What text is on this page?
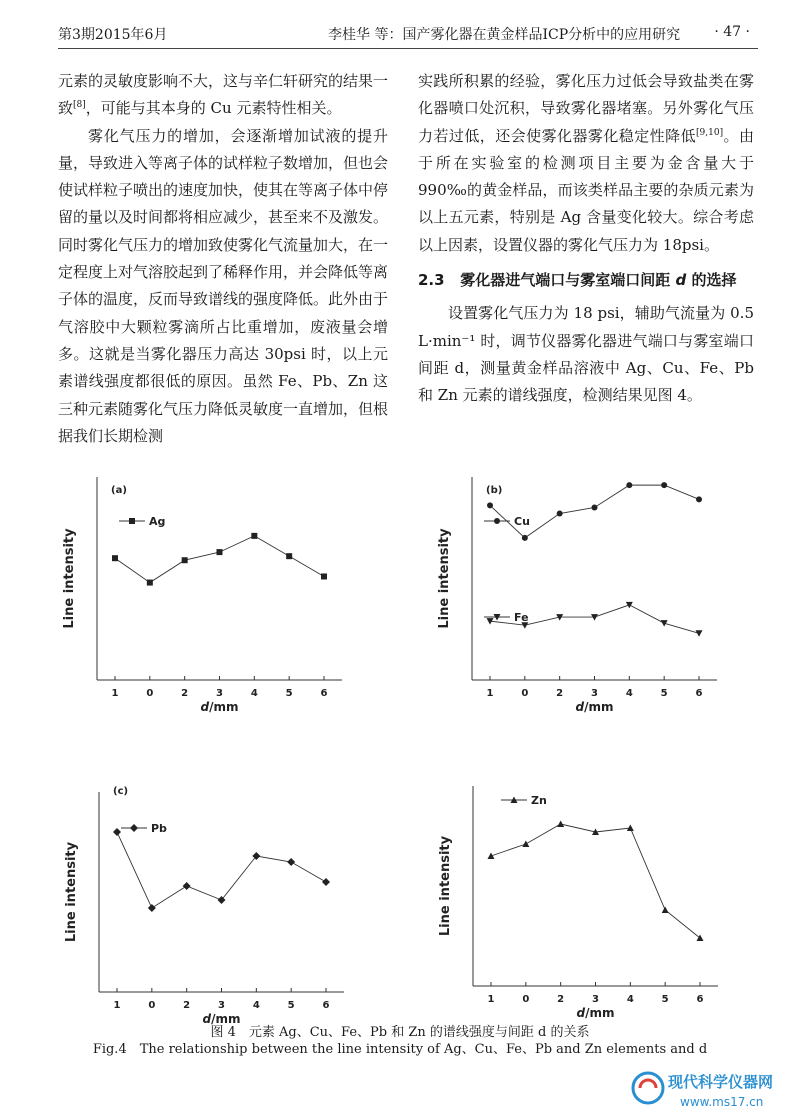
第3期2015年6月	李桂华 等：国产雾化器在黄金样品ICP分析中的应用研究 · 47 ·

元素的灵敏度影响不大，这与辛仁轩研究的结果一致[8]，可能与其本身的 Cu 元素特性相关。

雾化气压力的增加，会逐渐增加试液的提升量，导致进入等离子体的试样粒子数增加，但也会使试样粒子喷出的速度加快，使其在等离子体中停留的量以及时间都将相应减少，甚至来不及激发。同时雾化气压力的增加致使雾化气流量加大，在一定程度上对气溶胶起到了稀释作用，并会降低等离子体的温度，反而导致谱线的强度降低。此外由于气溶胶中大颗粒雾滴所占比重增加，废液量会增多。这就是当雾化器压力高达 30psi 时，以上元素谱线强度都很低的原因。虽然 Fe、Pb、Zn 这三种元素随雾化气压力降低灵敏度一直增加，但根据我们长期检测

实践所积累的经验，雾化压力过低会导致盐类在雾化器喷口处沉积，导致雾化器堵塞。另外雾化气压力若过低，还会使雾化器雾化稳定性降低[9,10]。由于所在实验室的检测项目主要为金含量大于 990‰的黄金样品，而该类样品主要的杂质元素为以上五元素，特别是 Ag 含量变化较大。综合考虑以上因素，设置仪器的雾化气压力为 18psi。

2.3 雾化器进气端口与雾室端口间距 d 的选择

设置雾化气压力为 18 psi，辅助气流量为 0.5 L·min⁻¹ 时，调节仪器雾化器进气端口与雾室端口间距 d，测量黄金样品溶液中 Ag、Cu、Fe、Pb 和 Zn 元素的谱线强度，检测结果见图 4。

1	0	2	3	4	5	6
d/mm
Line intensity
(a)
Ag
1	0	2	3	4	5	6
d/mm
Line intensity
(b)
Cu
Fe
1	0	2	3	4	5	6
d/mm
Line intensity
(c)
Pb
1	0	2	3	4	5	6
d/mm
Line intensity
Zn
图 4　元素 Ag、Cu、Fe、Pb 和 Zn 的谱线强度与间距 d 的关系
Fig.4　The relationship between the line intensity of Ag、Cu、Fe、Pb and Zn elements and d
现代科学仪器网
www.ms17.cn
